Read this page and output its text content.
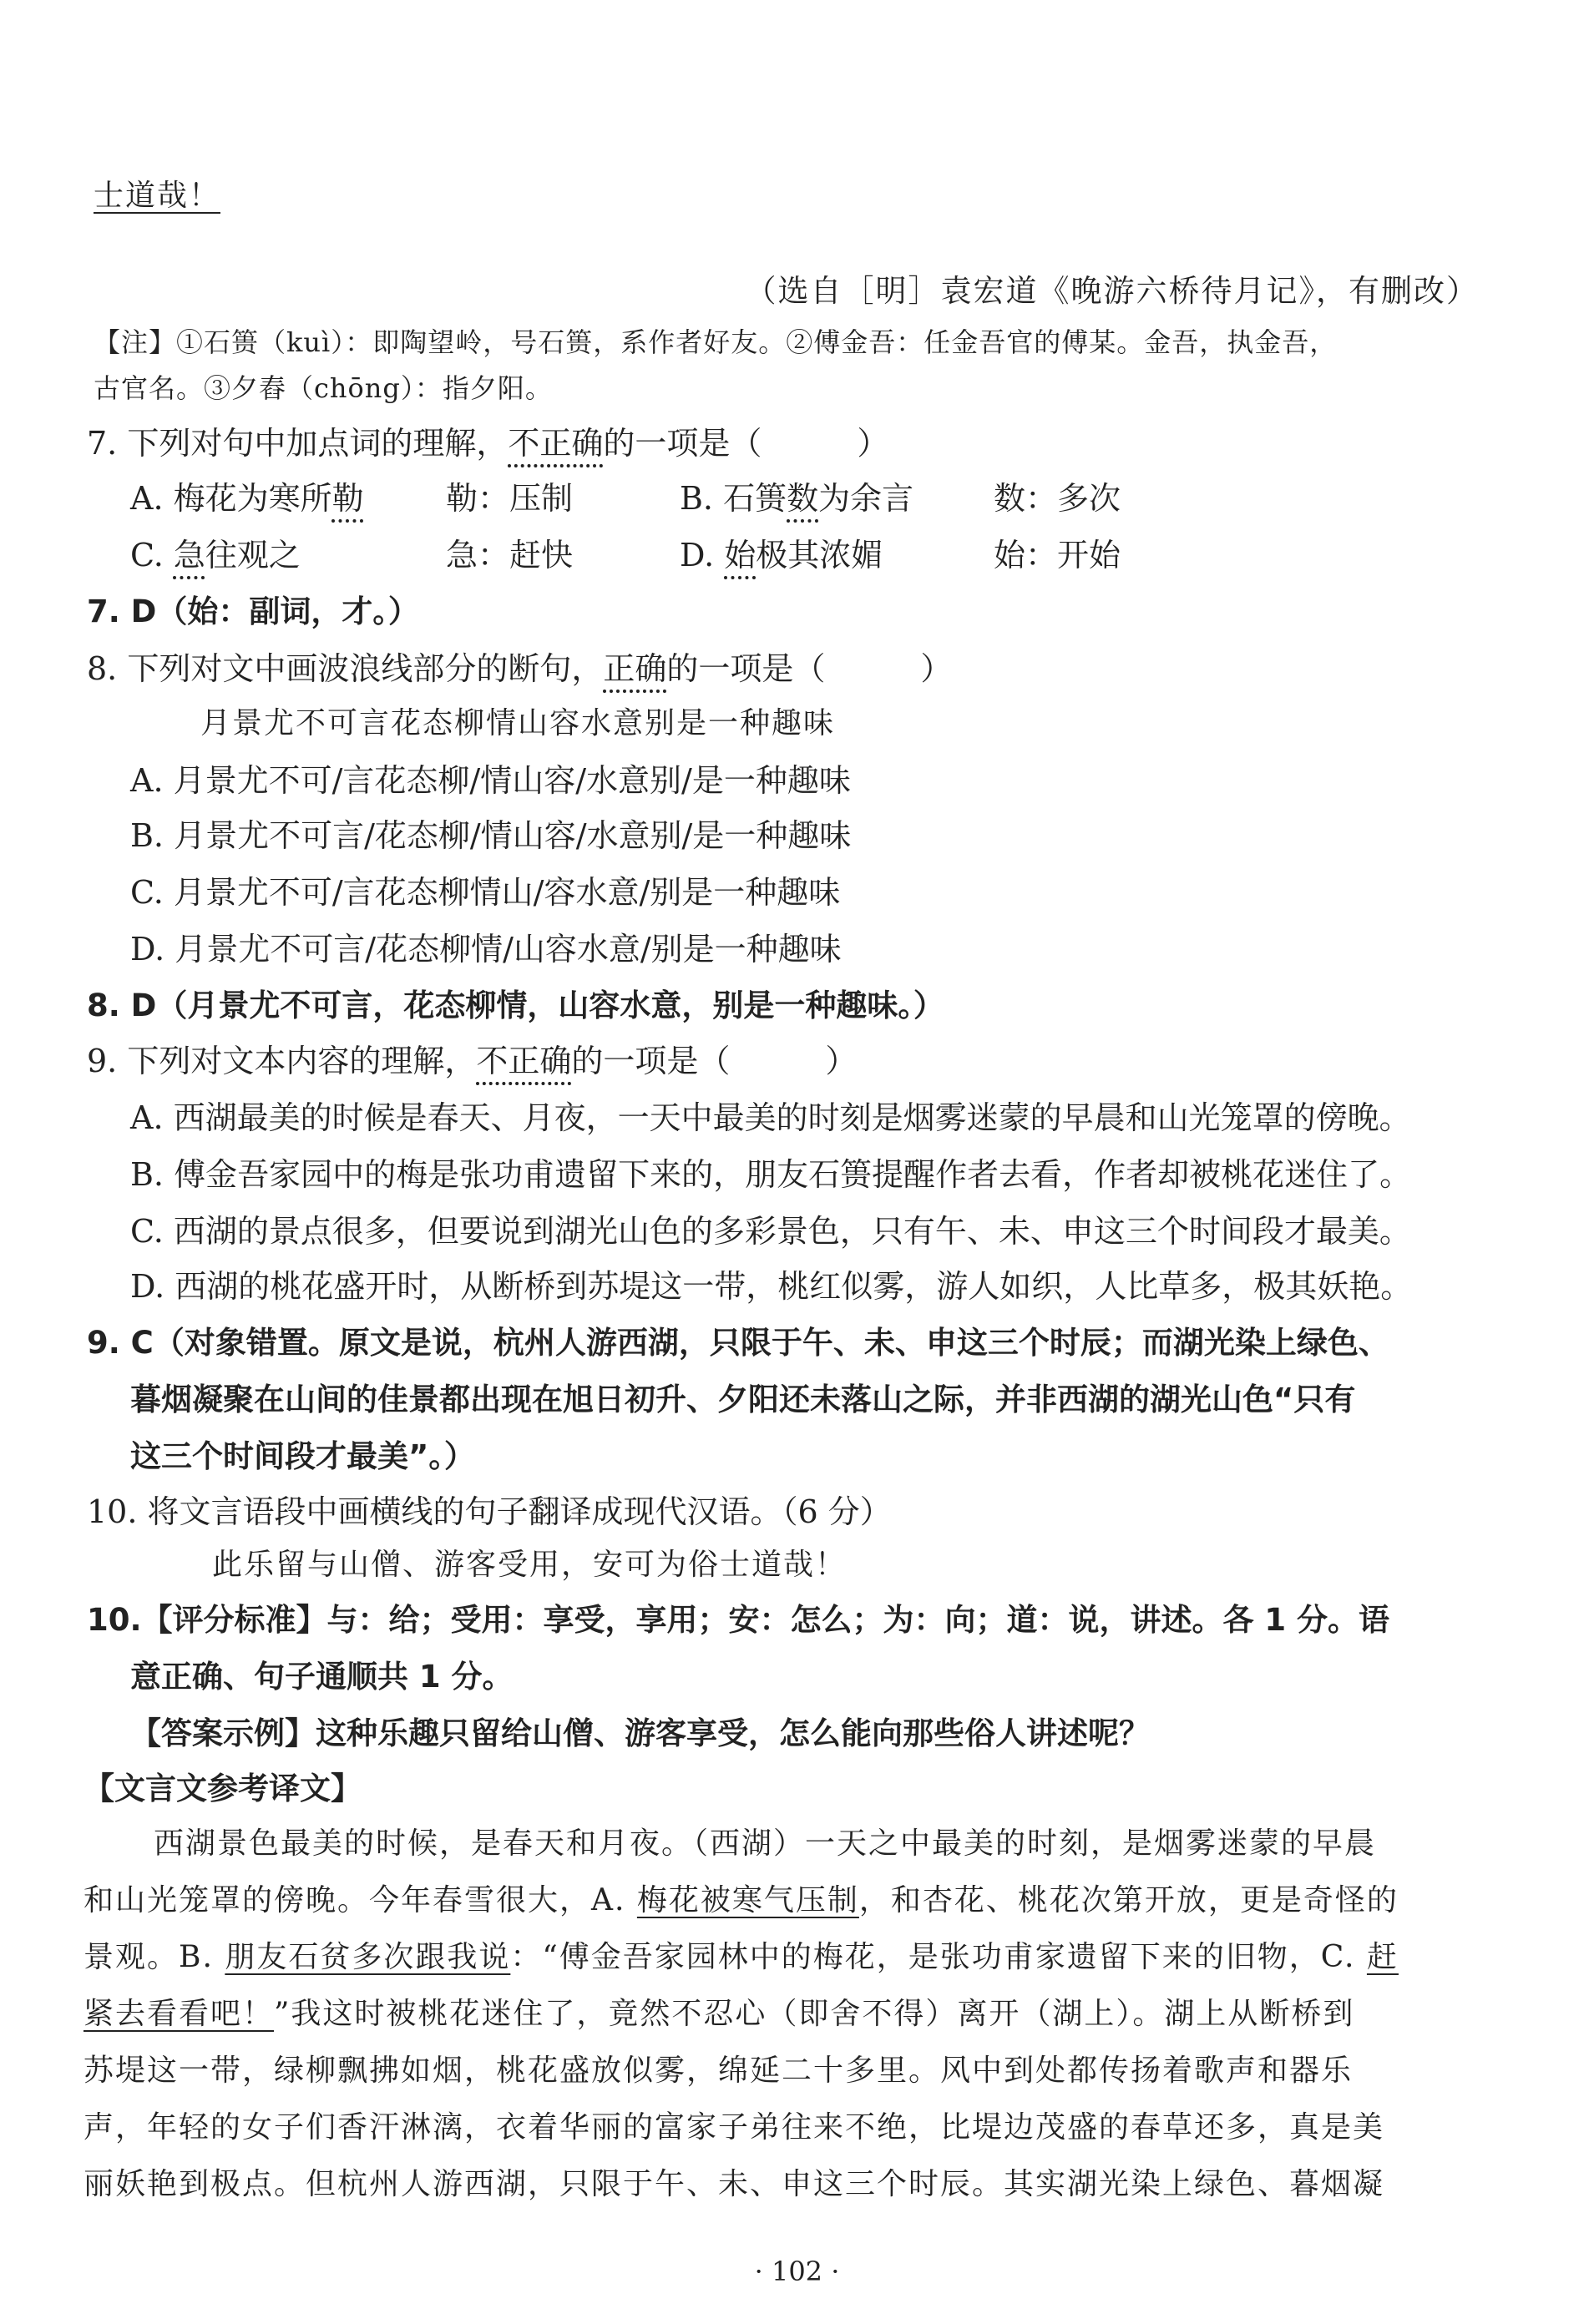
士道哉！
（选自［明］袁宏道《晚游六桥待月记》，有删改）
【注】①石篑（kuì）：即陶望岭，号石篑，系作者好友。②傅金吾：任金吾官的傅某。金吾，执金吾，
古官名。③夕舂（chōng）：指夕阳。
7. 下列对句中加点词的理解，不正确的一项是（　　　）
A. 梅花为寒所勒	勒：压制	B. 石篑数为余言	数：多次
C. 急往观之	急：赶快	D. 始极其浓媚	始：开始
7. D（始：副词，才。）
8. 下列对文中画波浪线部分的断句，正确的一项是（　　　）
月景尤不可言花态柳情山容水意别是一种趣味
A. 月景尤不可/言花态柳/情山容/水意别/是一种趣味
B. 月景尤不可言/花态柳/情山容/水意别/是一种趣味
C. 月景尤不可/言花态柳情山/容水意/别是一种趣味
D. 月景尤不可言/花态柳情/山容水意/别是一种趣味
8. D（月景尤不可言，花态柳情，山容水意，别是一种趣味。）
9. 下列对文本内容的理解，不正确的一项是（　　　）
A. 西湖最美的时候是春天、月夜，一天中最美的时刻是烟雾迷蒙的早晨和山光笼罩的傍晚。
B. 傅金吾家园中的梅是张功甫遗留下来的，朋友石篑提醒作者去看，作者却被桃花迷住了。
C. 西湖的景点很多，但要说到湖光山色的多彩景色，只有午、未、申这三个时间段才最美。
D. 西湖的桃花盛开时，从断桥到苏堤这一带，桃红似雾，游人如织，人比草多，极其妖艳。
9. C（对象错置。原文是说，杭州人游西湖，只限于午、未、申这三个时辰；而湖光染上绿色、
暮烟凝聚在山间的佳景都出现在旭日初升、夕阳还未落山之际，并非西湖的湖光山色“只有
这三个时间段才最美”。）
10. 将文言语段中画横线的句子翻译成现代汉语。（6 分）
此乐留与山僧、游客受用，安可为俗士道哉！
10.【评分标准】与：给；受用：享受，享用；安：怎么；为：向；道：说，讲述。各 1 分。语
意正确、句子通顺共 1 分。
【答案示例】这种乐趣只留给山僧、游客享受，怎么能向那些俗人讲述呢？
【文言文参考译文】
西湖景色最美的时候，是春天和月夜。（西湖）一天之中最美的时刻，是烟雾迷蒙的早晨
和山光笼罩的傍晚。今年春雪很大，A. 梅花被寒气压制，和杏花、桃花次第开放，更是奇怪的
景观。B. 朋友石贫多次跟我说：“傅金吾家园林中的梅花，是张功甫家遗留下来的旧物，C. 赶
紧去看看吧！”我这时被桃花迷住了，竟然不忍心（即舍不得）离开（湖上）。湖上从断桥到
苏堤这一带，绿柳飘拂如烟，桃花盛放似雾，绵延二十多里。风中到处都传扬着歌声和器乐
声，年轻的女子们香汗淋漓，衣着华丽的富家子弟往来不绝，比堤边茂盛的春草还多，真是美
丽妖艳到极点。但杭州人游西湖，只限于午、未、申这三个时辰。其实湖光染上绿色、暮烟凝
· 102 ·
